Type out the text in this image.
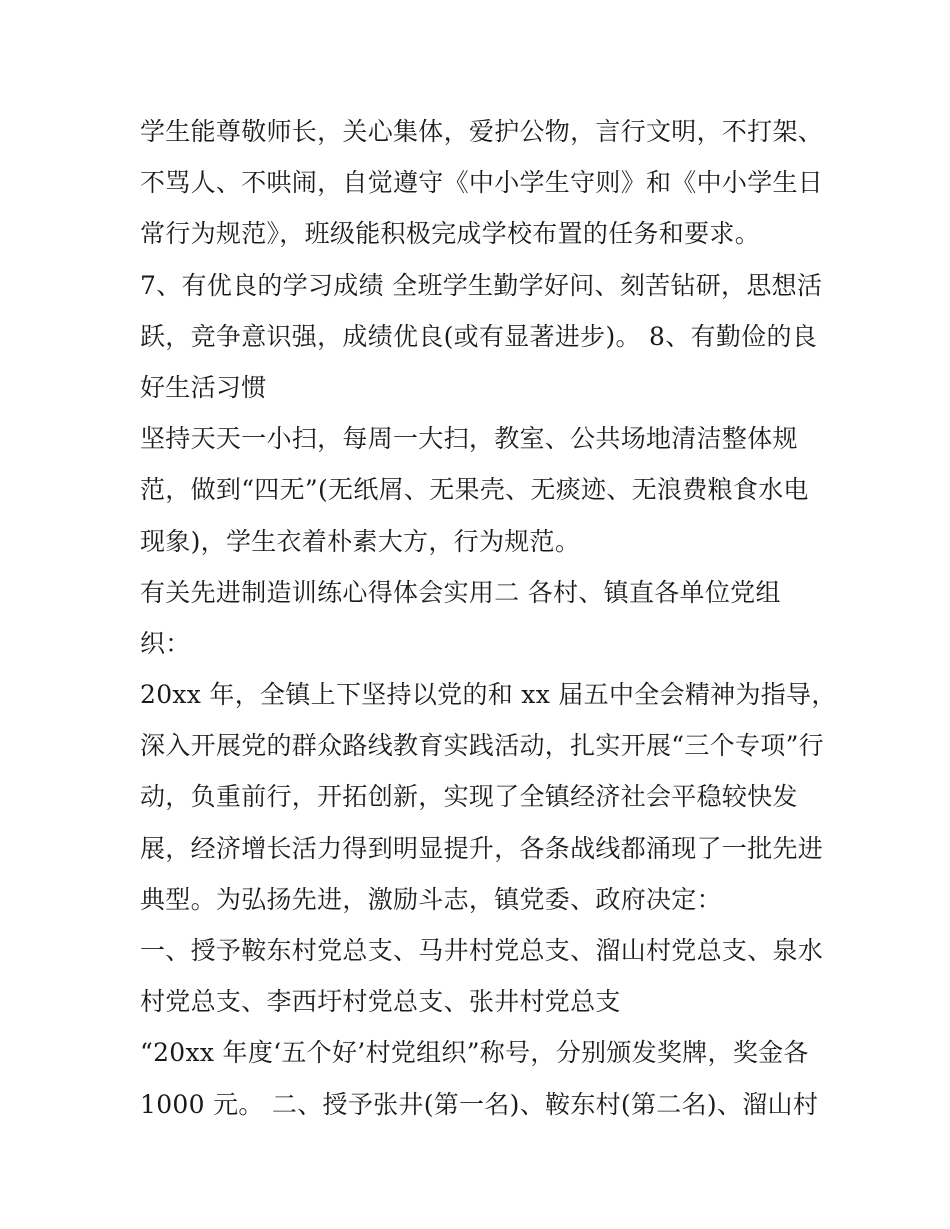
学生能尊敬师长，关心集体，爱护公物，言行文明，不打架、
不骂人、不哄闹，自觉遵守《中小学生守则》和《中小学生日
常行为规范》，班级能积极完成学校布置的任务和要求。
7、有优良的学习成绩 全班学生勤学好问、刻苦钻研，思想活
跃，竞争意识强，成绩优良(或有显著进步)。 8、有勤俭的良
好生活习惯
坚持天天一小扫，每周一大扫，教室、公共场地清洁整体规
范，做到“四无”(无纸屑、无果壳、无痰迹、无浪费粮食水电
现象)，学生衣着朴素大方，行为规范。
有关先进制造训练心得体会实用二 各村、镇直各单位党组
织：
20xx 年，全镇上下坚持以党的和 xx 届五中全会精神为指导，
深入开展党的群众路线教育实践活动，扎实开展“三个专项”行
动，负重前行，开拓创新，实现了全镇经济社会平稳较快发
展，经济增长活力得到明显提升，各条战线都涌现了一批先进
典型。为弘扬先进，激励斗志，镇党委、政府决定：
一、授予鞍东村党总支、马井村党总支、溜山村党总支、泉水
村党总支、李西圩村党总支、张井村党总支
“20xx 年度‘五个好’村党组织”称号，分别颁发奖牌，奖金各
1000 元。 二、授予张井(第一名)、鞍东村(第二名)、溜山村
